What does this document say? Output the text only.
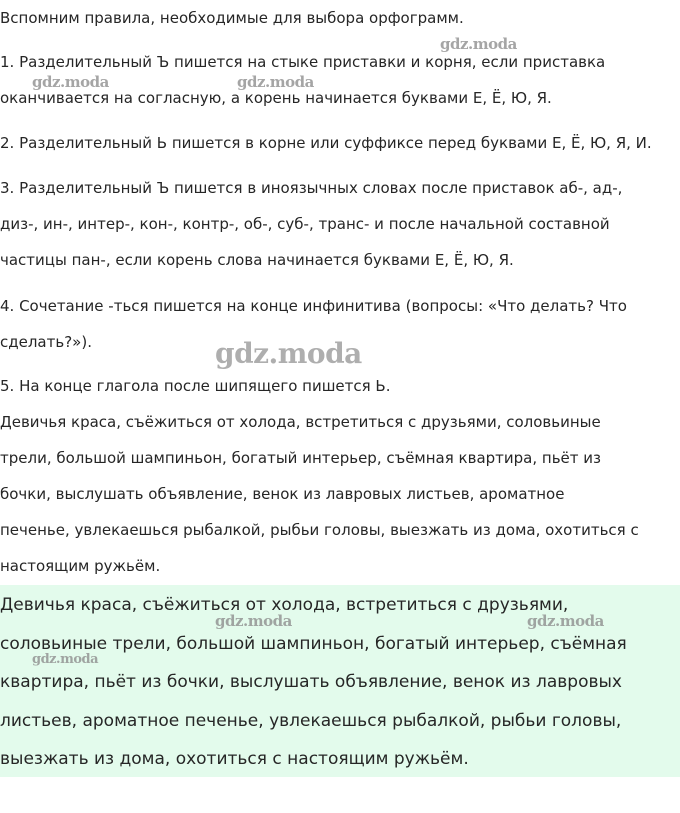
Вспомним правила, необходимые для выбора орфограмм.

1. Разделительный Ъ пишется на стыке приставки и корня, если приставка
оканчивается на согласную, а корень начинается буквами Е, Ё, Ю, Я.

2. Разделительный Ь пишется в корне или суффиксе перед буквами Е, Ё, Ю, Я, И.

3. Разделительный Ъ пишется в иноязычных словах после приставок аб-, ад-,
диз-, ин-, интер-, кон-, контр-, об-, суб-, транс- и после начальной составной
частицы пан-, если корень слова начинается буквами Е, Ё, Ю, Я.

4. Сочетание -ться пишется на конце инфинитива (вопросы: «Что делать? Что
сделать?»).

5. На конце глагола после шипящего пишется Ь.

Девичья краса, съёжиться от холода, встретиться с друзьями, соловьиные
трели, большой шампиньон, богатый интерьер, съёмная квартира, пьёт из
бочки, выслушать объявление, венок из лавровых листьев, ароматное
печенье, увлекаешься рыбалкой, рыбьи головы, выезжать из дома, охотиться с
настоящим ружьём.

Девичья краса, съёжиться от холода, встретиться с друзьями,
соловьиные трели, большой шампиньон, богатый интерьер, съёмная
квартира, пьёт из бочки, выслушать объявление, венок из лавровых
листьев, ароматное печенье, увлекаешься рыбалкой, рыбьи головы,
выезжать из дома, охотиться с настоящим ружьём.

gdz.moda
gdz.moda	gdz.moda
gdz.moda
gdz.moda	gdz.moda
gdz.moda
